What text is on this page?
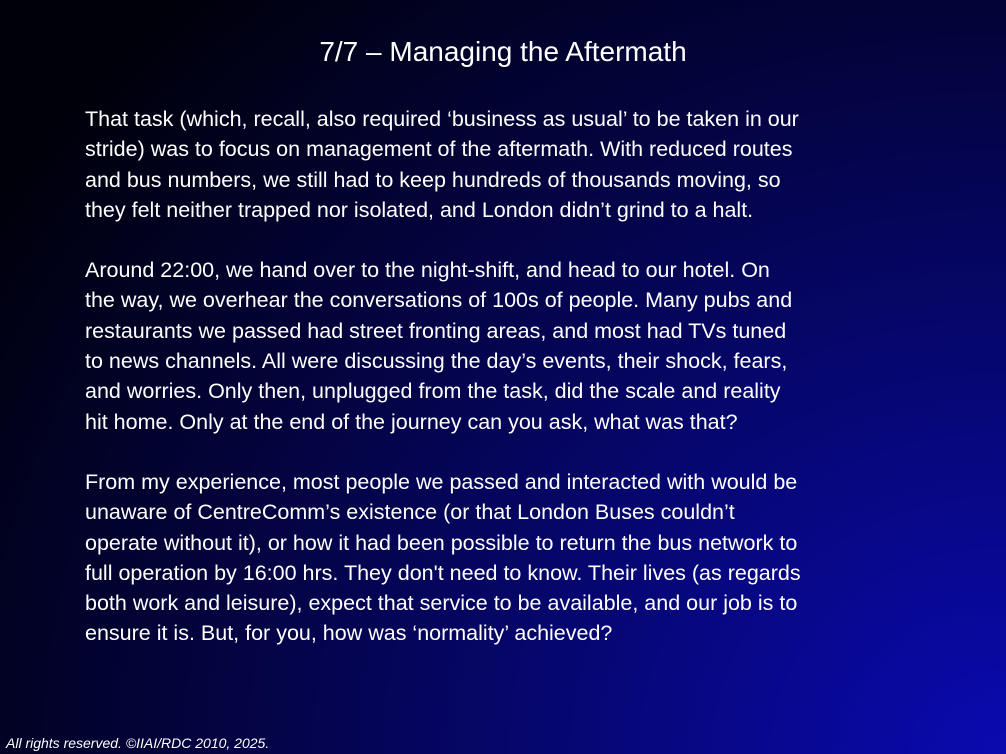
7/7 – Managing the Aftermath

That task (which, recall, also required ‘business as usual’ to be taken in our
stride) was to focus on management of the aftermath. With reduced routes
and bus numbers, we still had to keep hundreds of thousands moving, so
they felt neither trapped nor isolated, and London didn’t grind to a halt.

Around 22:00, we hand over to the night-shift, and head to our hotel. On
the way, we overhear the conversations of 100s of people. Many pubs and
restaurants we passed had street fronting areas, and most had TVs tuned
to news channels. All were discussing the day’s events, their shock, fears,
and worries. Only then, unplugged from the task, did the scale and reality
hit home. Only at the end of the journey can you ask, what was that?

From my experience, most people we passed and interacted with would be
unaware of CentreComm’s existence (or that London Buses couldn’t
operate without it), or how it had been possible to return the bus network to
full operation by 16:00 hrs. They don't need to know. Their lives (as regards
both work and leisure), expect that service to be available, and our job is to
ensure it is. But, for you, how was ‘normality’ achieved?

All rights reserved. ©IIAI/RDC 2010, 2025.
